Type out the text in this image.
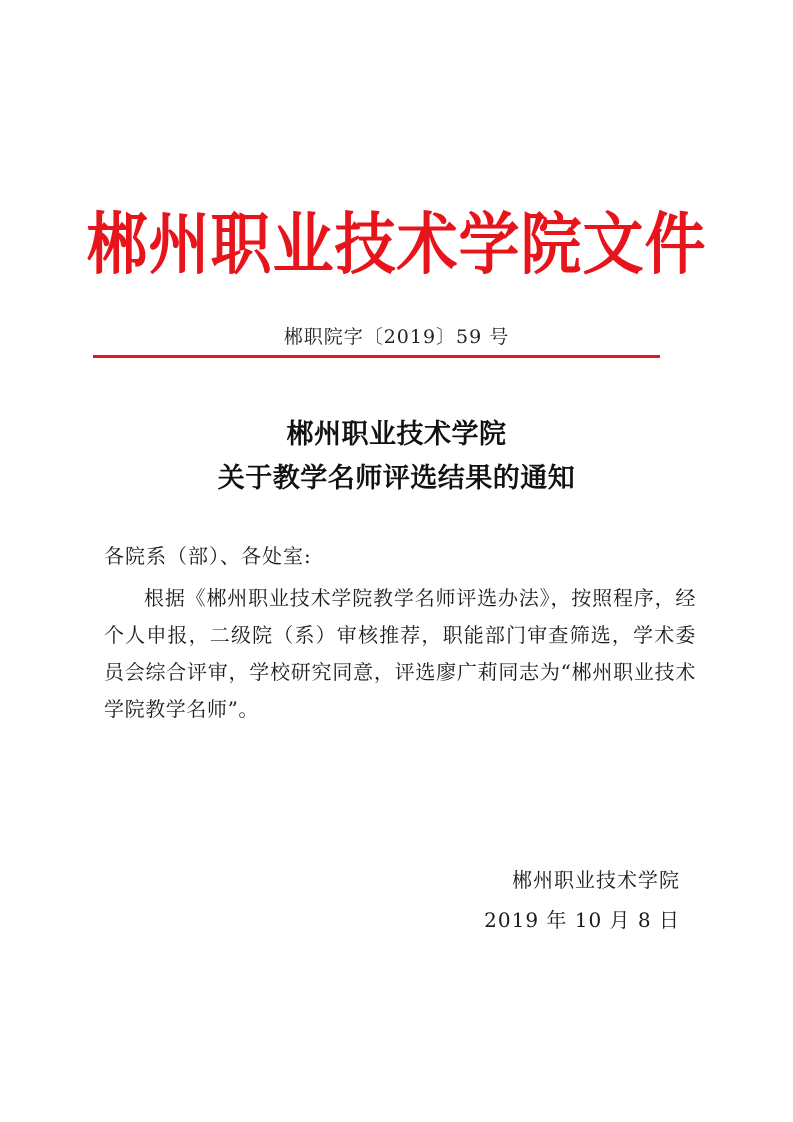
郴州职业技术学院文件
郴职院字〔2019〕59 号
郴州职业技术学院
关于教学名师评选结果的通知
各院系（部）、各处室:
根据《郴州职业技术学院教学名师评选办法》，按照程序，经个人申报，二级院（系）审核推荐，职能部门审查筛选，学术委员会综合评审，学校研究同意，评选廖广莉同志为“郴州职业技术学院教学名师”。
郴州职业技术学院
2019 年 10 月 8 日
